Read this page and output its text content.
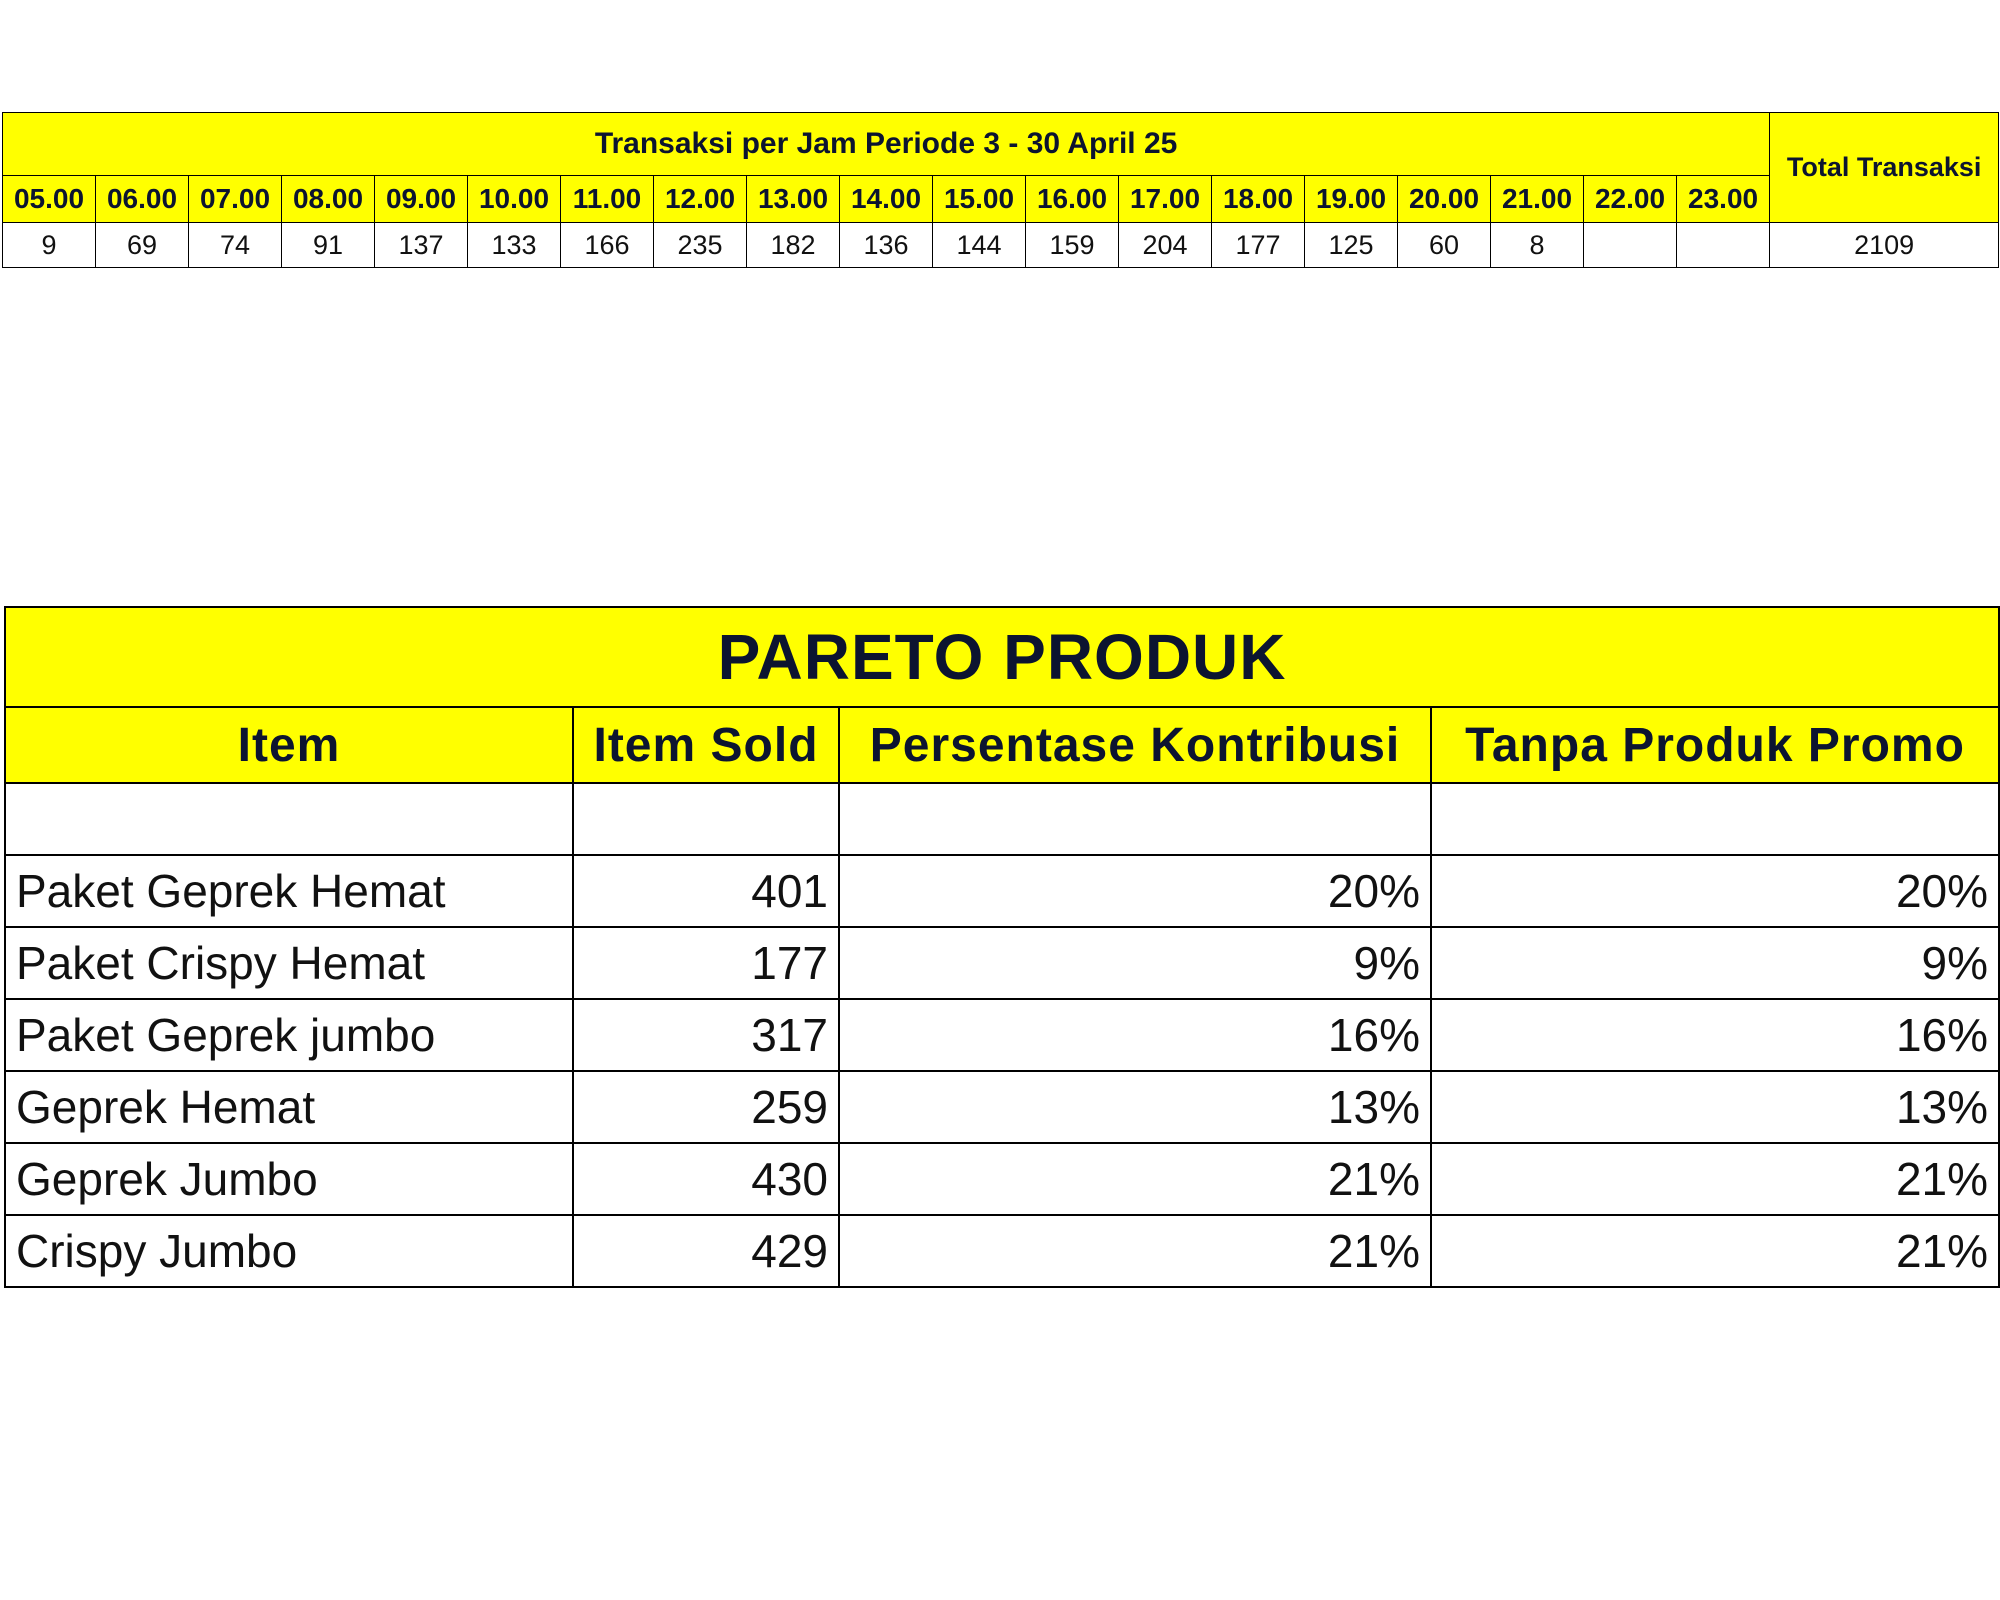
Transaksi per Jam Periode 3 - 30 April 25																			Total Transaksi
05.00	06.00	07.00	08.00	09.00	10.00	11.00	12.00	13.00	14.00	15.00	16.00	17.00	18.00	19.00	20.00	21.00	22.00	23.00	
9	69	74	91	137	133	166	235	182	136	144	159	204	177	125	60	8			2109
PARETO PRODUK			
Item	Item Sold	Persentase Kontribusi	Tanpa Produk Promo

Paket Geprek Hemat	401	20%	20%
Paket Crispy Hemat	177	9%	9%
Paket Geprek jumbo	317	16%	16%
Geprek Hemat	259	13%	13%
Geprek Jumbo	430	21%	21%
Crispy Jumbo	429	21%	21%
